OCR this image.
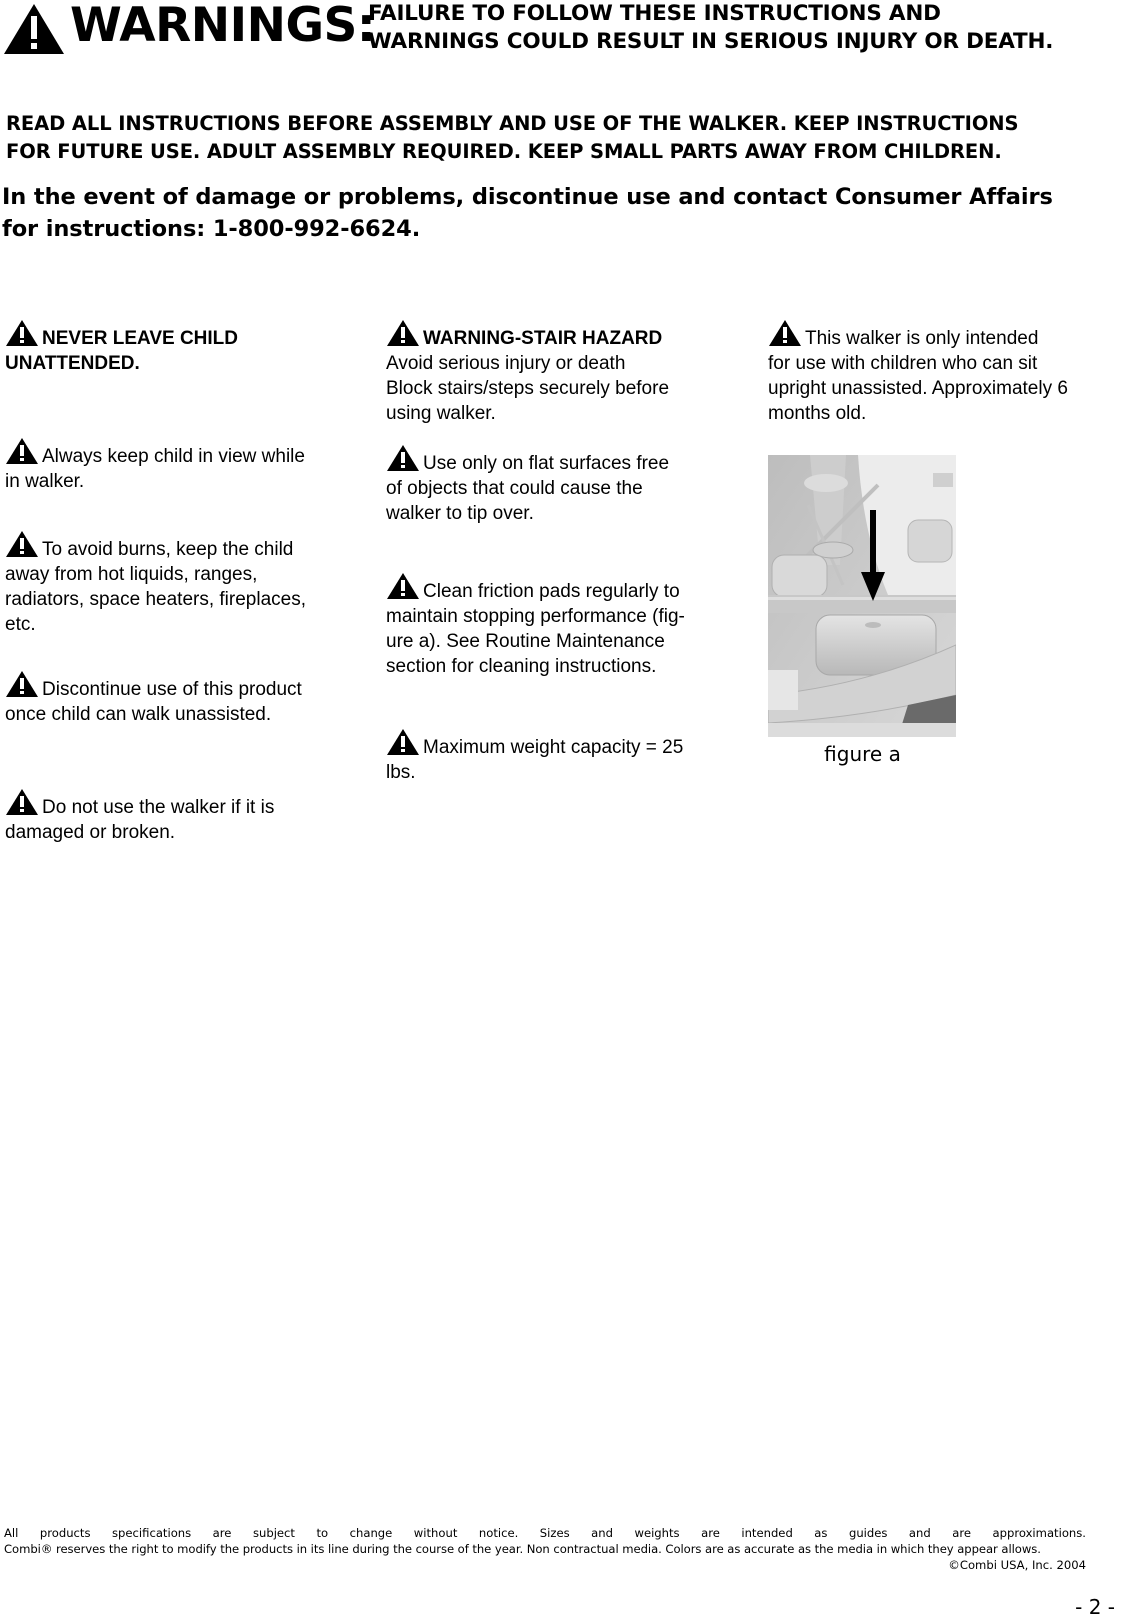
WARNINGS:
FAILURE TO FOLLOW THESE INSTRUCTIONS AND
WARNINGS COULD RESULT IN SERIOUS INJURY OR DEATH.
READ ALL INSTRUCTIONS BEFORE ASSEMBLY AND USE OF THE WALKER. KEEP INSTRUCTIONS
FOR FUTURE USE. ADULT ASSEMBLY REQUIRED. KEEP SMALL PARTS AWAY FROM CHILDREN.
In the event of damage or problems, discontinue use and contact Consumer Affairs
for instructions: 1-800-992-6624.
NEVER LEAVE CHILD
UNATTENDED.
Always keep child in view while
in walker.
To avoid burns, keep the child
away from hot liquids, ranges,
radiators, space heaters, fireplaces,
etc.
Discontinue use of this product
once child can walk unassisted.
Do not use the walker if it is
damaged or broken.
WARNING-STAIR HAZARD
Avoid serious injury or death
Block stairs/steps securely before
using walker.
Use only on flat surfaces free
of objects that could cause the
walker to tip over.
Clean friction pads regularly to
maintain stopping performance (fig-
ure a). See Routine Maintenance
section for cleaning instructions.
Maximum weight capacity = 25
lbs.
This walker is only intended
for use with children who can sit
upright unassisted. Approximately 6
months old.
figure a
All products specifications are subject to change without notice. Sizes and weights are intended as guides and are approximations.
Combi® reserves the right to modify the products in its line during the course of the year. Non contractual media. Colors are as accurate as the media in which they appear allows.
©Combi USA, Inc. 2004
- 2 -
